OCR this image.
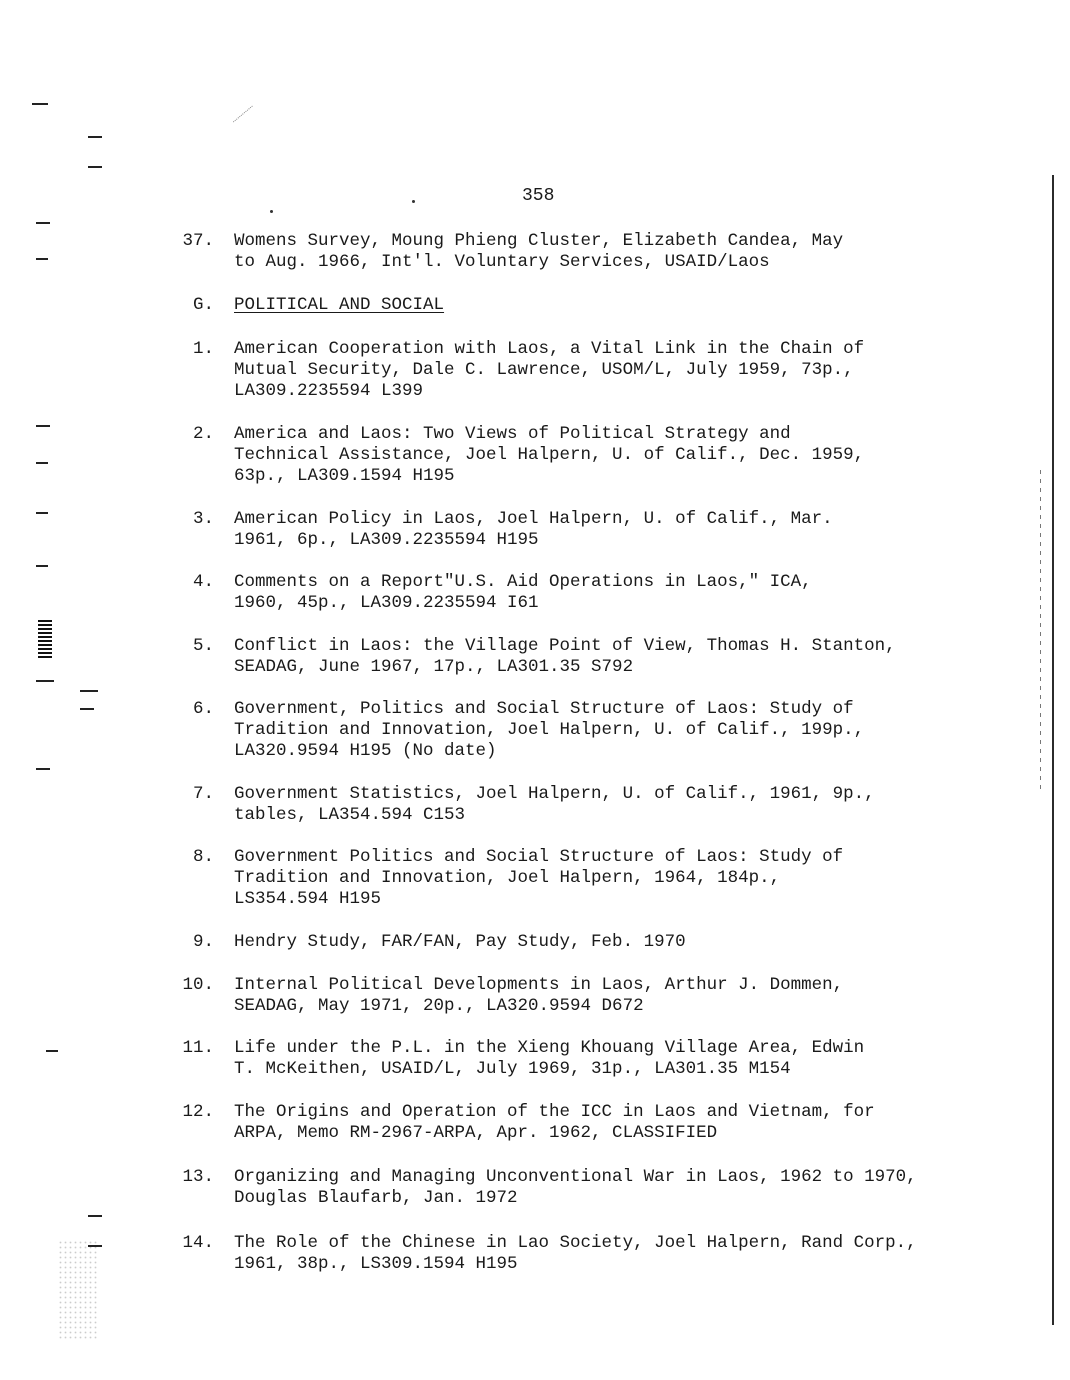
358
37. Womens Survey, Moung Phieng Cluster, Elizabeth Candea, May
to Aug. 1966, Int'l. Voluntary Services, USAID/Laos
G. POLITICAL AND SOCIAL
1. American Cooperation with Laos, a Vital Link in the Chain of
Mutual Security, Dale C. Lawrence, USOM/L, July 1959, 73p.,
LA309.2235594 L399
2. America and Laos: Two Views of Political Strategy and
Technical Assistance, Joel Halpern, U. of Calif., Dec. 1959,
63p., LA309.1594 H195
3. American Policy in Laos, Joel Halpern, U. of Calif., Mar.
1961, 6p., LA309.2235594 H195
4. Comments on a Report"U.S. Aid Operations in Laos," ICA,
1960, 45p., LA309.2235594 I61
5. Conflict in Laos: the Village Point of View, Thomas H. Stanton,
SEADAG, June 1967, 17p., LA301.35 S792
6. Government, Politics and Social Structure of Laos: Study of
Tradition and Innovation, Joel Halpern, U. of Calif., 199p.,
LA320.9594 H195 (No date)
7. Government Statistics, Joel Halpern, U. of Calif., 1961, 9p.,
tables, LA354.594 C153
8. Government Politics and Social Structure of Laos: Study of
Tradition and Innovation, Joel Halpern, 1964, 184p.,
LS354.594 H195
9. Hendry Study, FAR/FAN, Pay Study, Feb. 1970
10. Internal Political Developments in Laos, Arthur J. Dommen,
SEADAG, May 1971, 20p., LA320.9594 D672
11. Life under the P.L. in the Xieng Khouang Village Area, Edwin
T. McKeithen, USAID/L, July 1969, 31p., LA301.35 M154
12. The Origins and Operation of the ICC in Laos and Vietnam, for
ARPA, Memo RM-2967-ARPA, Apr. 1962, CLASSIFIED
13. Organizing and Managing Unconventional War in Laos, 1962 to 1970,
Douglas Blaufarb, Jan. 1972
14. The Role of the Chinese in Lao Society, Joel Halpern, Rand Corp.,
1961, 38p., LS309.1594 H195
